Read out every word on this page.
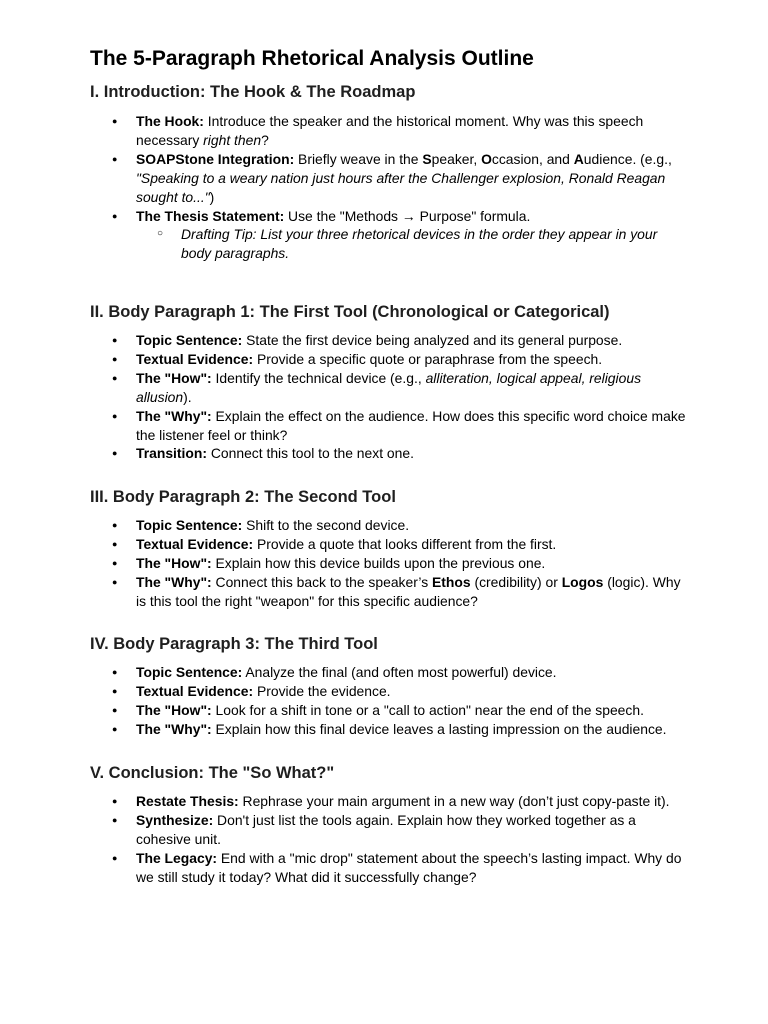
The 5-Paragraph Rhetorical Analysis Outline
I. Introduction: The Hook & The Roadmap
● The Hook: Introduce the speaker and the historical moment. Why was this speech necessary right then?
● SOAPStone Integration: Briefly weave in the Speaker, Occasion, and Audience. (e.g.,
"Speaking to a weary nation just hours after the Challenger explosion, Ronald Reagan sought to...")
● The Thesis Statement: Use the "Methods → Purpose" formula.
○ Drafting Tip: List your three rhetorical devices in the order they appear in your body paragraphs.
II. Body Paragraph 1: The First Tool (Chronological or Categorical)
● Topic Sentence: State the first device being analyzed and its general purpose.
● Textual Evidence: Provide a specific quote or paraphrase from the speech.
● The "How": Identify the technical device (e.g., alliteration, logical appeal, religious allusion).
● The "Why": Explain the effect on the audience. How does this specific word choice make the listener feel or think?
● Transition: Connect this tool to the next one.
III. Body Paragraph 2: The Second Tool
● Topic Sentence: Shift to the second device.
● Textual Evidence: Provide a quote that looks different from the first.
● The "How": Explain how this device builds upon the previous one.
● The "Why": Connect this back to the speaker’s Ethos (credibility) or Logos (logic). Why is this tool the right "weapon" for this specific audience?
IV. Body Paragraph 3: The Third Tool
● Topic Sentence: Analyze the final (and often most powerful) device.
● Textual Evidence: Provide the evidence.
● The "How": Look for a shift in tone or a "call to action" near the end of the speech.
● The "Why": Explain how this final device leaves a lasting impression on the audience.
V. Conclusion: The "So What?"
● Restate Thesis: Rephrase your main argument in a new way (don’t just copy-paste it).
● Synthesize: Don't just list the tools again. Explain how they worked together as a cohesive unit.
● The Legacy: End with a "mic drop" statement about the speech’s lasting impact. Why do we still study it today? What did it successfully change?
